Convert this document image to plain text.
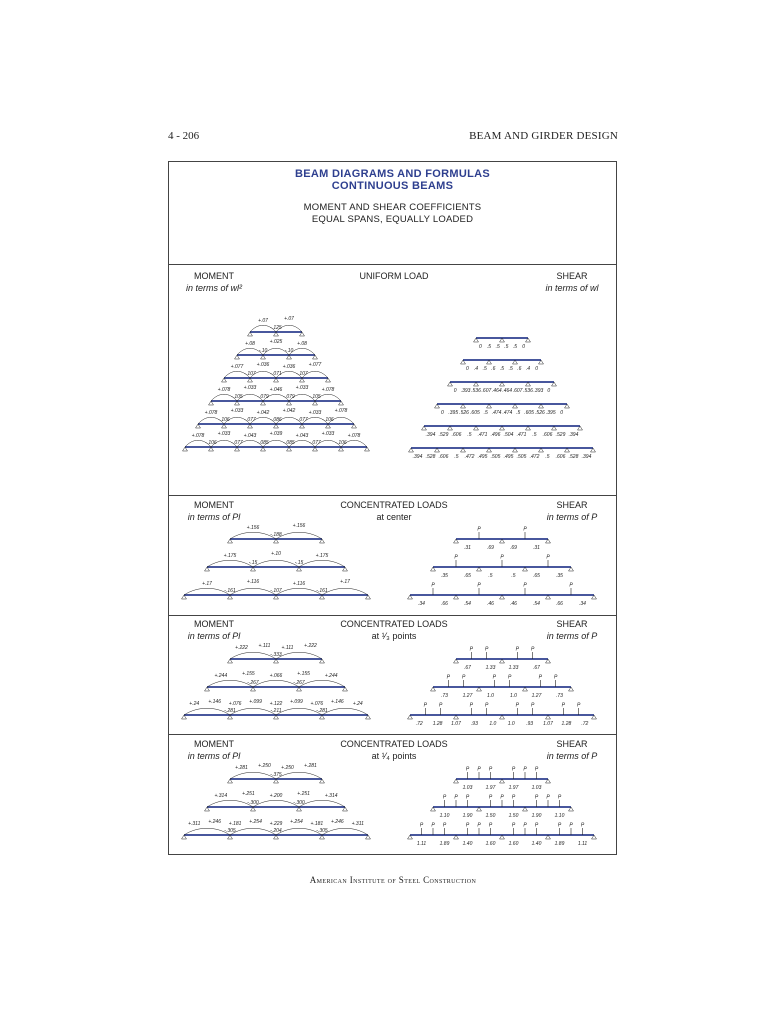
4 - 206	BEAM AND GIRDER DESIGN
BEAM DIAGRAMS AND FORMULAS
CONTINUOUS BEAMS
MOMENT AND SHEAR COEFFICIENTS
EQUAL SPANS, EQUALLY LOADED
MOMENT
in terms of wl²
UNIFORM LOAD	SHEAR
in terms of wl
MOMENT
in terms of Pl
CONCENTRATED LOADS
at center
SHEAR
in terms of P
MOMENT
in terms of Pl
CONCENTRATED LOADS
at ¹⁄₃ points
SHEAR
in terms of P
MOMENT
in terms of Pl
CONCENTRATED LOADS
at ¹⁄₄ points
SHEAR
in terms of P
+.07	+.07
-.125
+.08	+.025	+.08
-.10	-.10
+.077	+.036	+.036	+.077
-.107	-.071	-.107
+.078	+.033	+.046	+.033	+.078
-.105	-.079	-.079	-.105
+.078	+.033	+.042	+.042	+.033	+.078
-.106	-.077	-.086	-.077	-.106
+.078	+.033	+.043	+.039	+.043	+.033	+.078
-.106	-.077	-.085	-.085	-.077	-.106
0 .5 .5 .5 .5 0
0 .4 .5 .6 .5 .5 .6 .4 0
0 .393 .536 .607 .464 .464 .607 .536 .393 0
0 .395 .526 .605 .5 .474 .474 .5 .605 .526 .395 0
.394 .529 .606 .5 .471 .496 .504 .471 .5 .606 .529 .394
.394 .528 .606 .5 .472 .495 .505 .495 .505 .472 .5 .606 .528 .394
+.156	+.156
-.188
+.175	+.10	+.175
-.15	-.15
+.17	+.116	+.116	+.17
-.161	-.107	-.161
P	P
.31	.69	.69	.31
P	P	P
.35	.65	.5	.5	.65	.35
P	P	P	P
.34	.66	.54	.46	.46	.54	.66	.34
+.222 +.111 +.111 +.222
-.333
+.244	+.155	+.066	+.155	+.244
-.267	-.267
+.24 +.146 +.076 +.099 +.122 +.099 +.076 +.146 +.24
-.281	-.211	-.281
P P	P P
.67	1.33	1.33	.67
P P	P P	P P
.73	1.27	1.0	1.0	1.27	.73
P P	P P	P P	P P
.72 1.28 1.07 .93 1.0 1.0 .93 1.07 1.28 .72
+.281 +.250 +.250 +.281
-.375
+.314	+.251	+.200	+.251	+.314
-.300	-.300
+.311 +.246 +.181 +.254 +.229 +.254 +.181 +.246 +.311
-.305	-.204	-.305
P P P	P P P
1.03	1.97	1.97	1.03
P P P	P P P	P P P
1.10	1.90	1.50	1.50	1.90	1.10
P P P	P P P	P P P	P P P
1.11	1.89	1.40	1.60	1.60	1.40	1.89	1.11
American Institute of Steel Construction
